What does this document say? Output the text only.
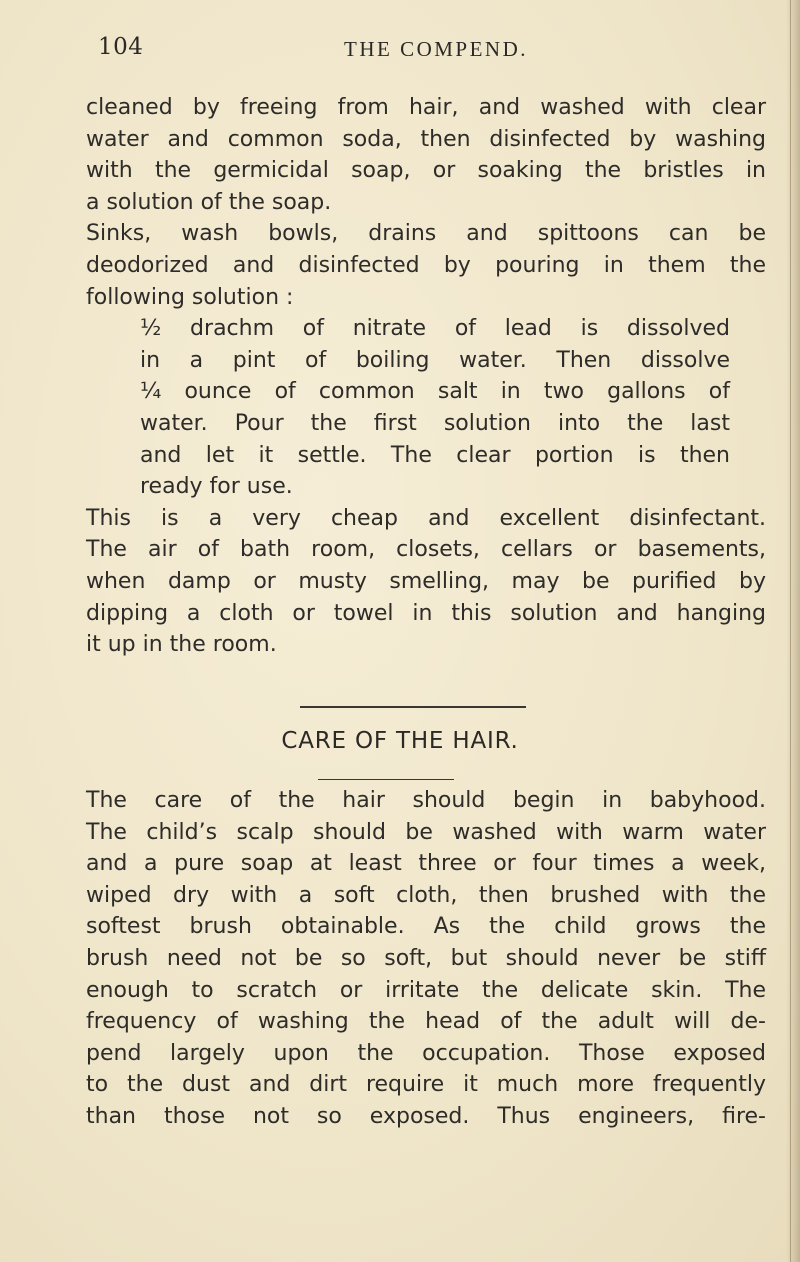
104	THE COMPEND.
cleaned by freeing from hair, and washed with clear
water and common soda, then disinfected by washing
with the germicidal soap, or soaking the bristles in
a solution of the soap.
Sinks, wash bowls, drains and spittoons can be
deodorized and disinfected by pouring in them the
following solution :
½ drachm of nitrate of lead is dissolved
in a pint of boiling water. Then dissolve
¼ ounce of common salt in two gallons of
water. Pour the first solution into the last
and let it settle. The clear portion is then
ready for use.
This is a very cheap and excellent disinfectant.
The air of bath room, closets, cellars or basements,
when damp or musty smelling, may be purified by
dipping a cloth or towel in this solution and hanging
it up in the room.
CARE OF THE HAIR.
The care of the hair should begin in babyhood.
The child’s scalp should be washed with warm water
and a pure soap at least three or four times a week,
wiped dry with a soft cloth, then brushed with the
softest brush obtainable. As the child grows the
brush need not be so soft, but should never be stiff
enough to scratch or irritate the delicate skin. The
frequency of washing the head of the adult will de-
pend largely upon the occupation. Those exposed
to the dust and dirt require it much more frequently
than those not so exposed. Thus engineers, fire-
